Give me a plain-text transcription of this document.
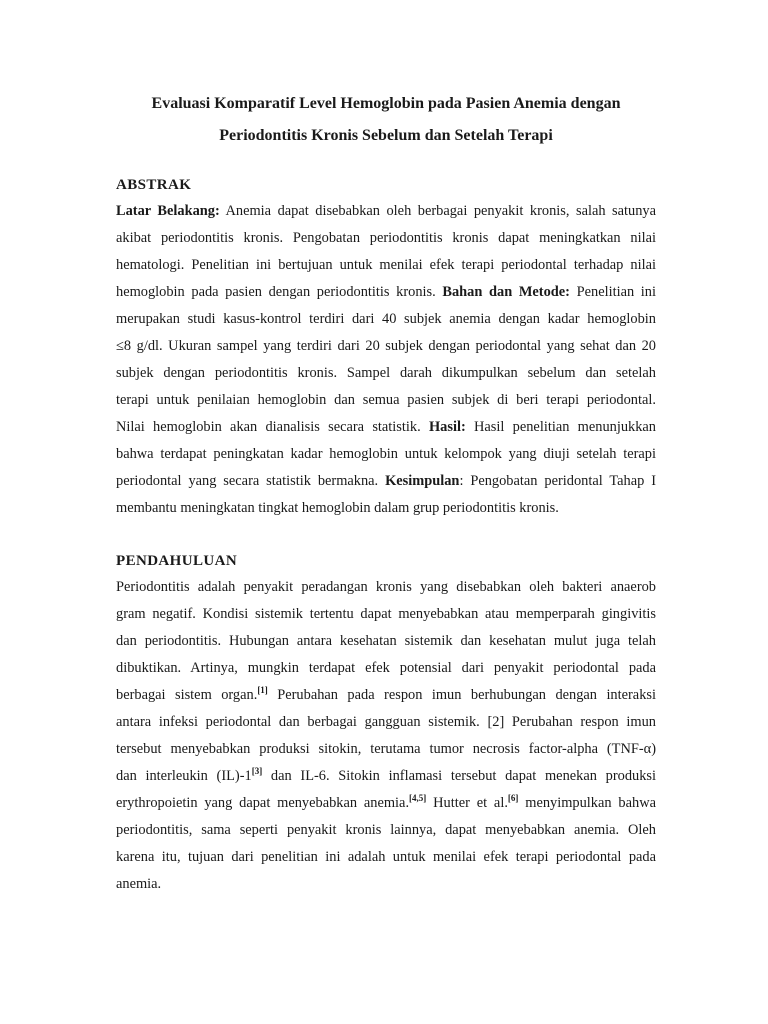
Evaluasi Komparatif Level Hemoglobin pada Pasien Anemia dengan
Periodontitis Kronis Sebelum dan Setelah Terapi
ABSTRAK
Latar Belakang: Anemia dapat disebabkan oleh berbagai penyakit kronis, salah satunya
akibat periodontitis kronis. Pengobatan periodontitis kronis dapat meningkatkan nilai
hematologi. Penelitian ini bertujuan untuk menilai efek terapi periodontal terhadap nilai
hemoglobin pada pasien dengan periodontitis kronis. Bahan dan Metode: Penelitian ini
merupakan studi kasus-kontrol terdiri dari 40 subjek anemia dengan kadar hemoglobin
≤8 g/dl. Ukuran sampel yang terdiri dari 20 subjek dengan periodontal yang sehat dan 20
subjek dengan periodontitis kronis. Sampel darah dikumpulkan sebelum dan setelah
terapi untuk penilaian hemoglobin dan semua pasien subjek di beri terapi periodontal.
Nilai hemoglobin akan dianalisis secara statistik. Hasil: Hasil penelitian menunjukkan
bahwa terdapat peningkatan kadar hemoglobin untuk kelompok yang diuji setelah terapi
periodontal yang secara statistik bermakna. Kesimpulan: Pengobatan peridontal Tahap I
membantu meningkatan tingkat hemoglobin dalam grup periodontitis kronis.
PENDAHULUAN
Periodontitis adalah penyakit peradangan kronis yang disebabkan oleh bakteri anaerob
gram negatif. Kondisi sistemik tertentu dapat menyebabkan atau memperparah gingivitis
dan periodontitis. Hubungan antara kesehatan sistemik dan kesehatan mulut juga telah
dibuktikan. Artinya, mungkin terdapat efek potensial dari penyakit periodontal pada
berbagai sistem organ.[1] Perubahan pada respon imun berhubungan dengan interaksi
antara infeksi periodontal dan berbagai gangguan sistemik. [2] Perubahan respon imun
tersebut menyebabkan produksi sitokin, terutama tumor necrosis factor-alpha (TNF-α)
dan interleukin (IL)-1[3] dan IL-6. Sitokin inflamasi tersebut dapat menekan produksi
erythropoietin yang dapat menyebabkan anemia.[4,5] Hutter et al.[6] menyimpulkan bahwa
periodontitis, sama seperti penyakit kronis lainnya, dapat menyebabkan anemia. Oleh
karena itu, tujuan dari penelitian ini adalah untuk menilai efek terapi periodontal pada
anemia.
